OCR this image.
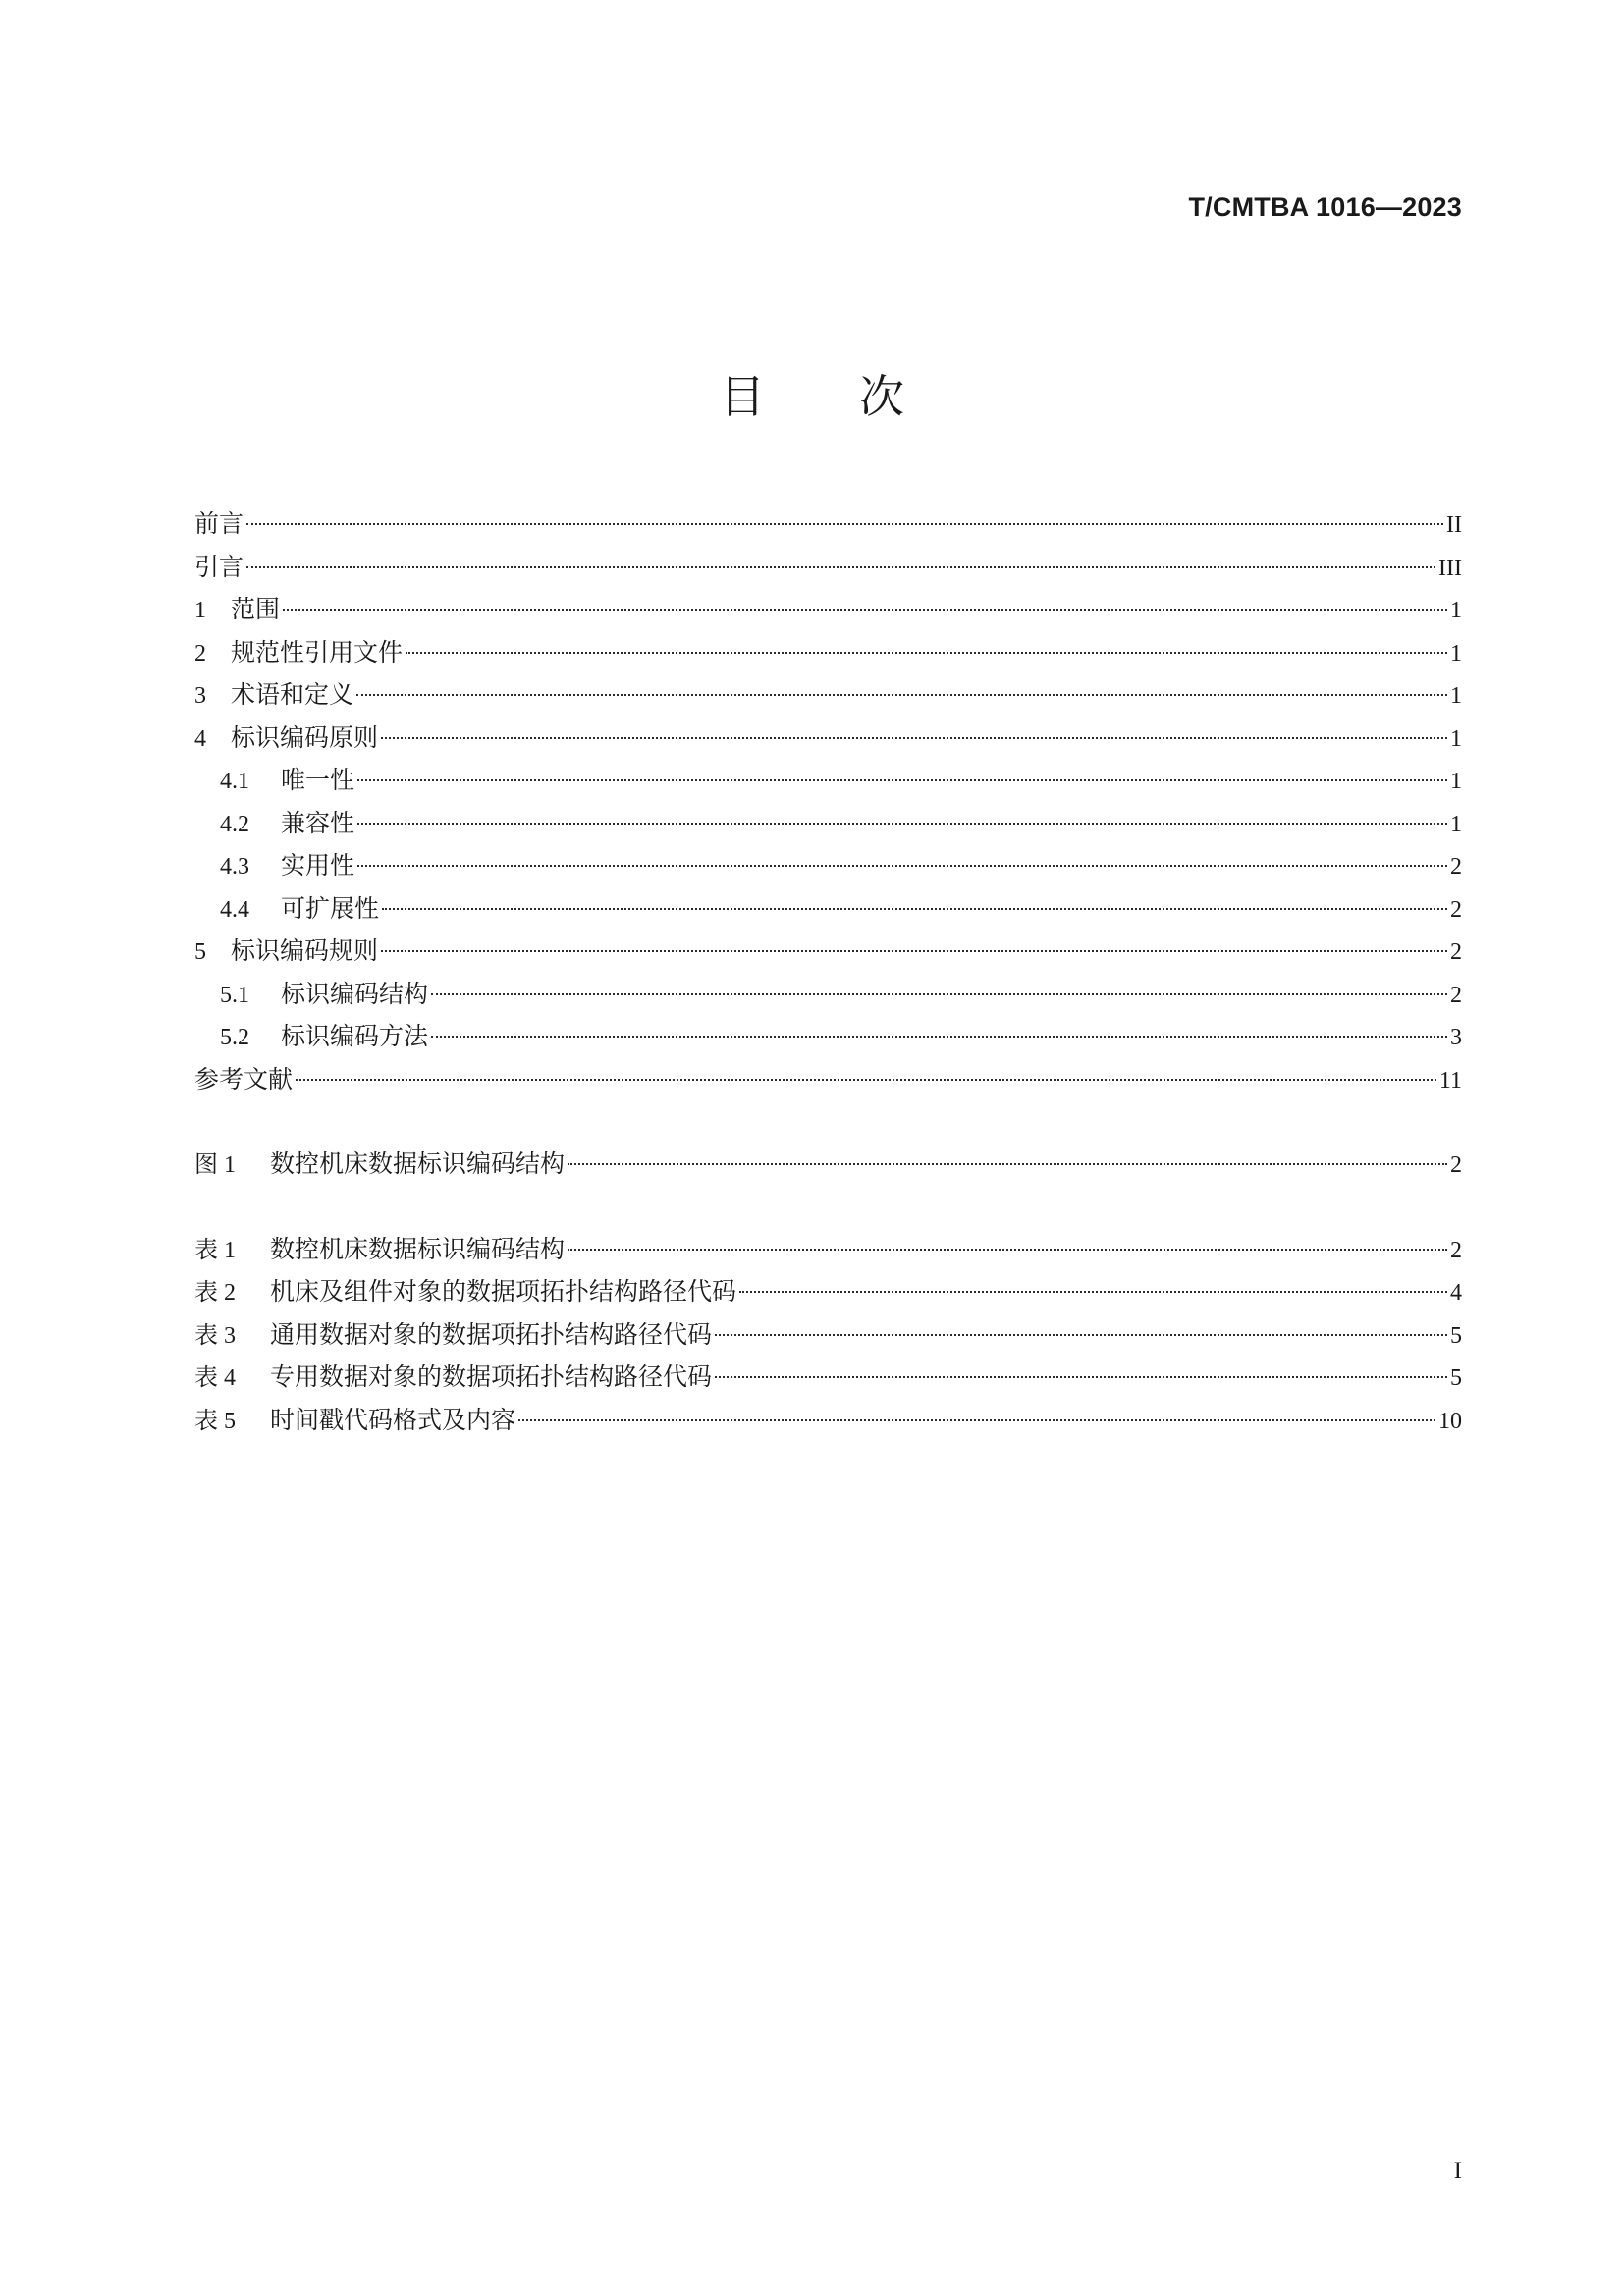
T/CMTBA 1016—2023
目次
前言	II
引言	III
1	范围	1
2	规范性引用文件	1
3	术语和定义	1
4	标识编码原则	1
4.1	唯一性	1
4.2	兼容性	1
4.3	实用性	2
4.4	可扩展性	2
5	标识编码规则	2
5.1	标识编码结构	2
5.2	标识编码方法	3
参考文献	11
图 1	数控机床数据标识编码结构	2
表 1	数控机床数据标识编码结构	2
表 2	机床及组件对象的数据项拓扑结构路径代码	4
表 3	通用数据对象的数据项拓扑结构路径代码	5
表 4	专用数据对象的数据项拓扑结构路径代码	5
表 5	时间戳代码格式及内容	10
I
